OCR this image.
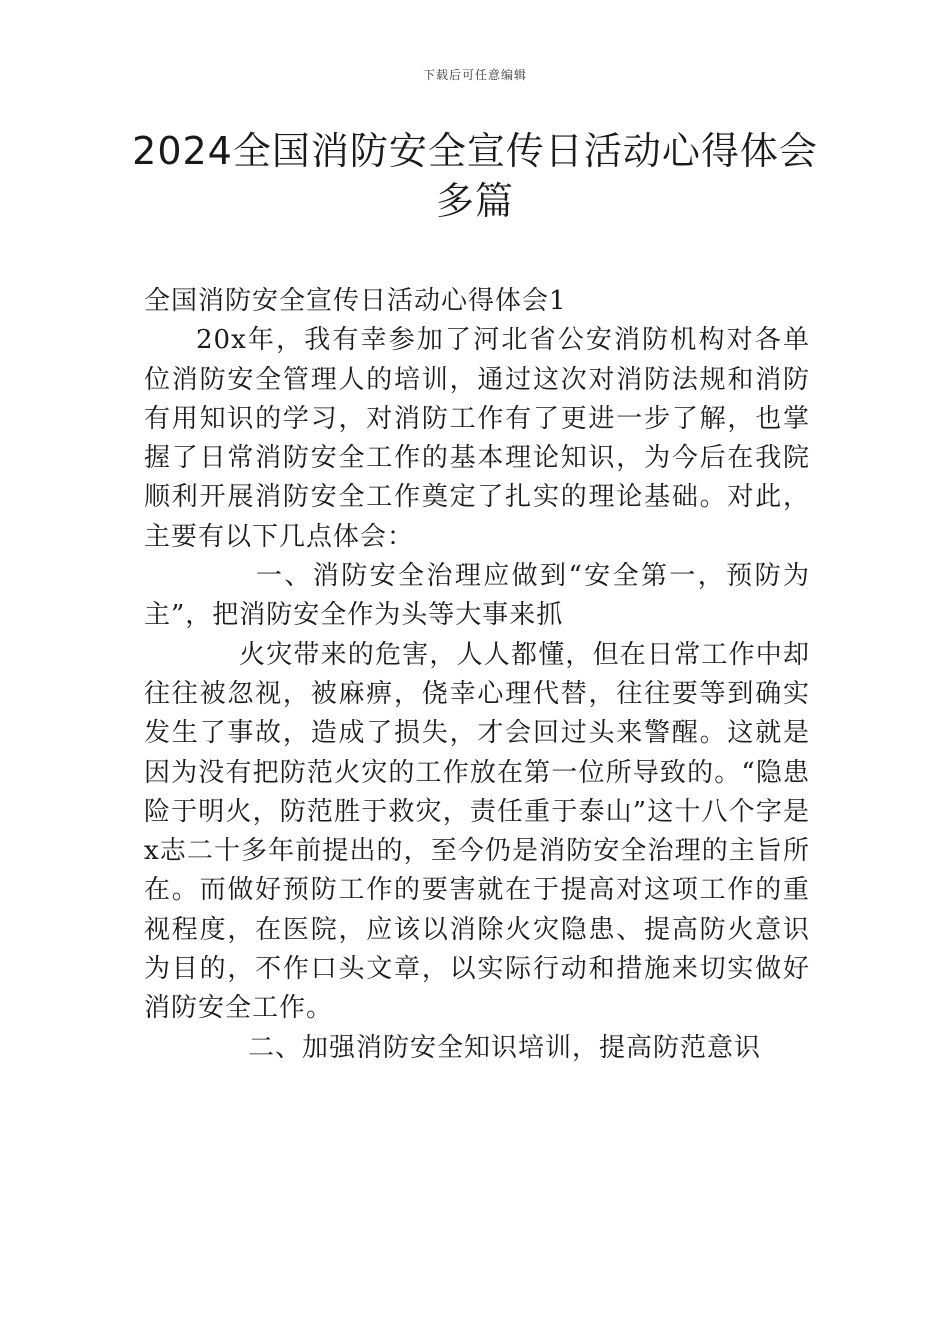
下载后可任意编辑
2024全国消防安全宣传日活动心得体会多篇

全国消防安全宣传日活动心得体会1

20x年，我有幸参加了河北省公安消防机构对各单位消防安全管理人的培训，通过这次对消防法规和消防有用知识的学习，对消防工作有了更进一步了解，也掌握了日常消防安全工作的基本理论知识，为今后在我院顺利开展消防安全工作奠定了扎实的理论基础。对此，主要有以下几点体会：

一、消防安全治理应做到“安全第一，预防为主”，把消防安全作为头等大事来抓

火灾带来的危害，人人都懂，但在日常工作中却往往被忽视，被麻痹，侥幸心理代替，往往要等到确实发生了事故，造成了损失，才会回过头来警醒。这就是因为没有把防范火灾的工作放在第一位所导致的。“隐患险于明火，防范胜于救灾，责任重于泰山”这十八个字是x志二十多年前提出的，至今仍是消防安全治理的主旨所在。而做好预防工作的要害就在于提高对这项工作的重视程度，在医院，应该以消除火灾隐患、提高防火意识为目的，不作口头文章，以实际行动和措施来切实做好消防安全工作。

二、加强消防安全知识培训，提高防范意识
